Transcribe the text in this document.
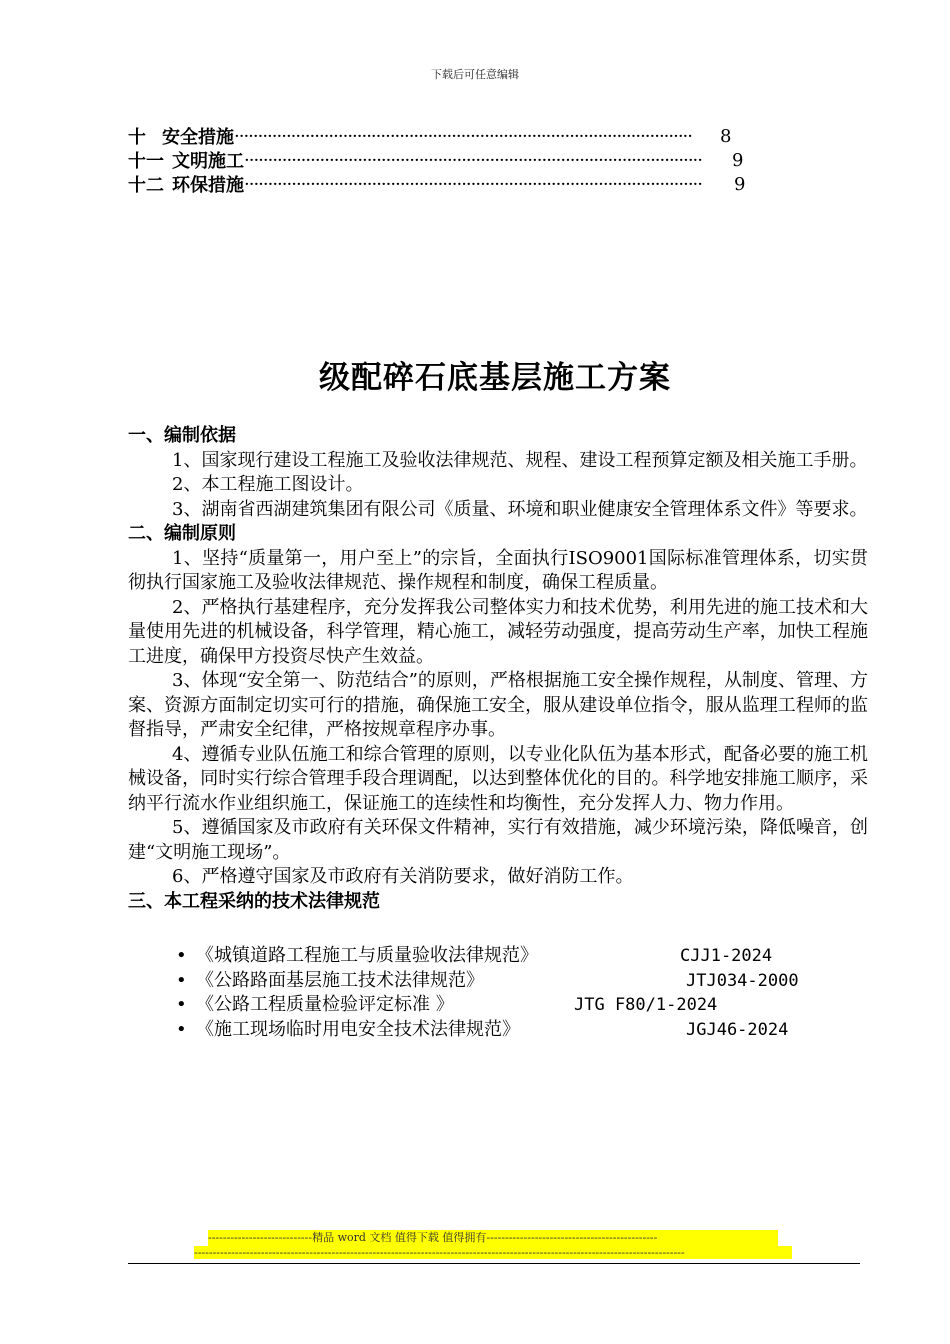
下载后可任意编辑
十 安全措施 ·································································································	8
十一 文明施工 ·································································································	9
十二 环保措施 ·································································································	9
级配碎石底基层施工方案
一、编制依据

1、国家现行建设工程施工及验收法律规范、规程、建设工程预算定额及相关施工手册。

2、本工程施工图设计。

3、湖南省西湖建筑集团有限公司《质量、环境和职业健康安全管理体系文件》等要求。

二、编制原则

1、坚持“质量第一，用户至上”的宗旨，全面执行ISO9001国际标准管理体系，切实贯彻执行国家施工及验收法律规范、操作规程和制度，确保工程质量。

2、严格执行基建程序，充分发挥我公司整体实力和技术优势，利用先进的施工技术和大量使用先进的机械设备，科学管理，精心施工，减轻劳动强度，提高劳动生产率，加快工程施工进度，确保甲方投资尽快产生效益。

3、体现“安全第一、防范结合”的原则，严格根据施工安全操作规程，从制度、管理、方案、资源方面制定切实可行的措施，确保施工安全，服从建设单位指令，服从监理工程师的监督指导，严肃安全纪律，严格按规章程序办事。

4、遵循专业队伍施工和综合管理的原则，以专业化队伍为基本形式，配备必要的施工机械设备，同时实行综合管理手段合理调配，以达到整体优化的目的。科学地安排施工顺序，采纳平行流水作业组织施工，保证施工的连续性和均衡性，充分发挥人力、物力作用。

5、遵循国家及市政府有关环保文件精神，实行有效措施，减少环境污染，降低噪音，创建“文明施工现场”。

6、严格遵守国家及市政府有关消防要求，做好消防工作。

三、本工程采纳的技术法律规范
• 《城镇道路工程施工与质量验收法律规范》	CJJ1-2024
• 《公路路面基层施工技术法律规范》	JTJ034-2000
• 《公路工程质量检验评定标准 》	JTG F80/1-2024
• 《施工现场临时用电安全技术法律规范》	JGJ46-2024
----------------------------精品 word 文档 值得下载 值得拥有----------------------------------------------
------------------------------------------------------------------------------------------------------------------------------------
